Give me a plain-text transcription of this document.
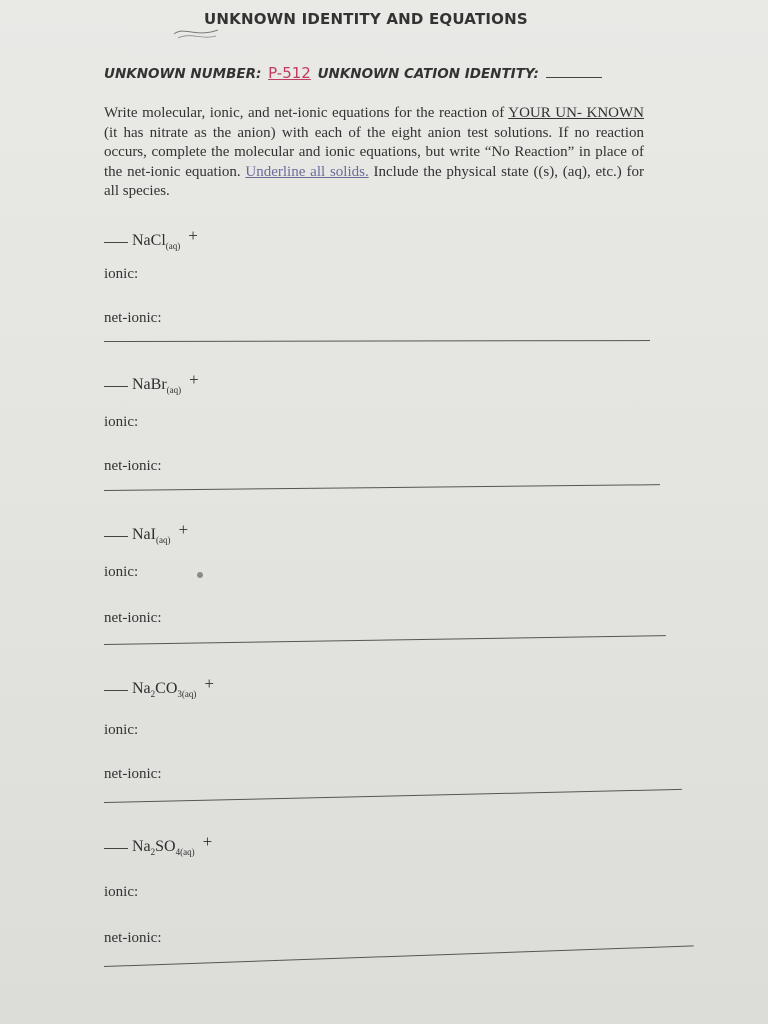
UNKNOWN IDENTITY AND EQUATIONS
UNKNOWN NUMBER: P-512 UNKNOWN CATION IDENTITY:
Write molecular, ionic, and net-ionic equations for the reaction of YOUR UN- KNOWN (it has nitrate as the anion) with each of the eight anion test solutions. If no reaction occurs, complete the molecular and ionic equations, but write “No Reaction” in place of the net-ionic equation. Underline all solids. Include the physical state ((s), (aq), etc.) for all species.
NaCl$_{(aq)}$+
ionic:
net-ionic:
NaBr$_{(aq)}$+
ionic:
net-ionic:
NaI$_{(aq)}$+
ionic:
net-ionic:
$Na_2CO_{3(aq)}+$
ionic:
net-ionic:
$Na_2SO_{4(aq)}+$
ionic:
net-ionic:
